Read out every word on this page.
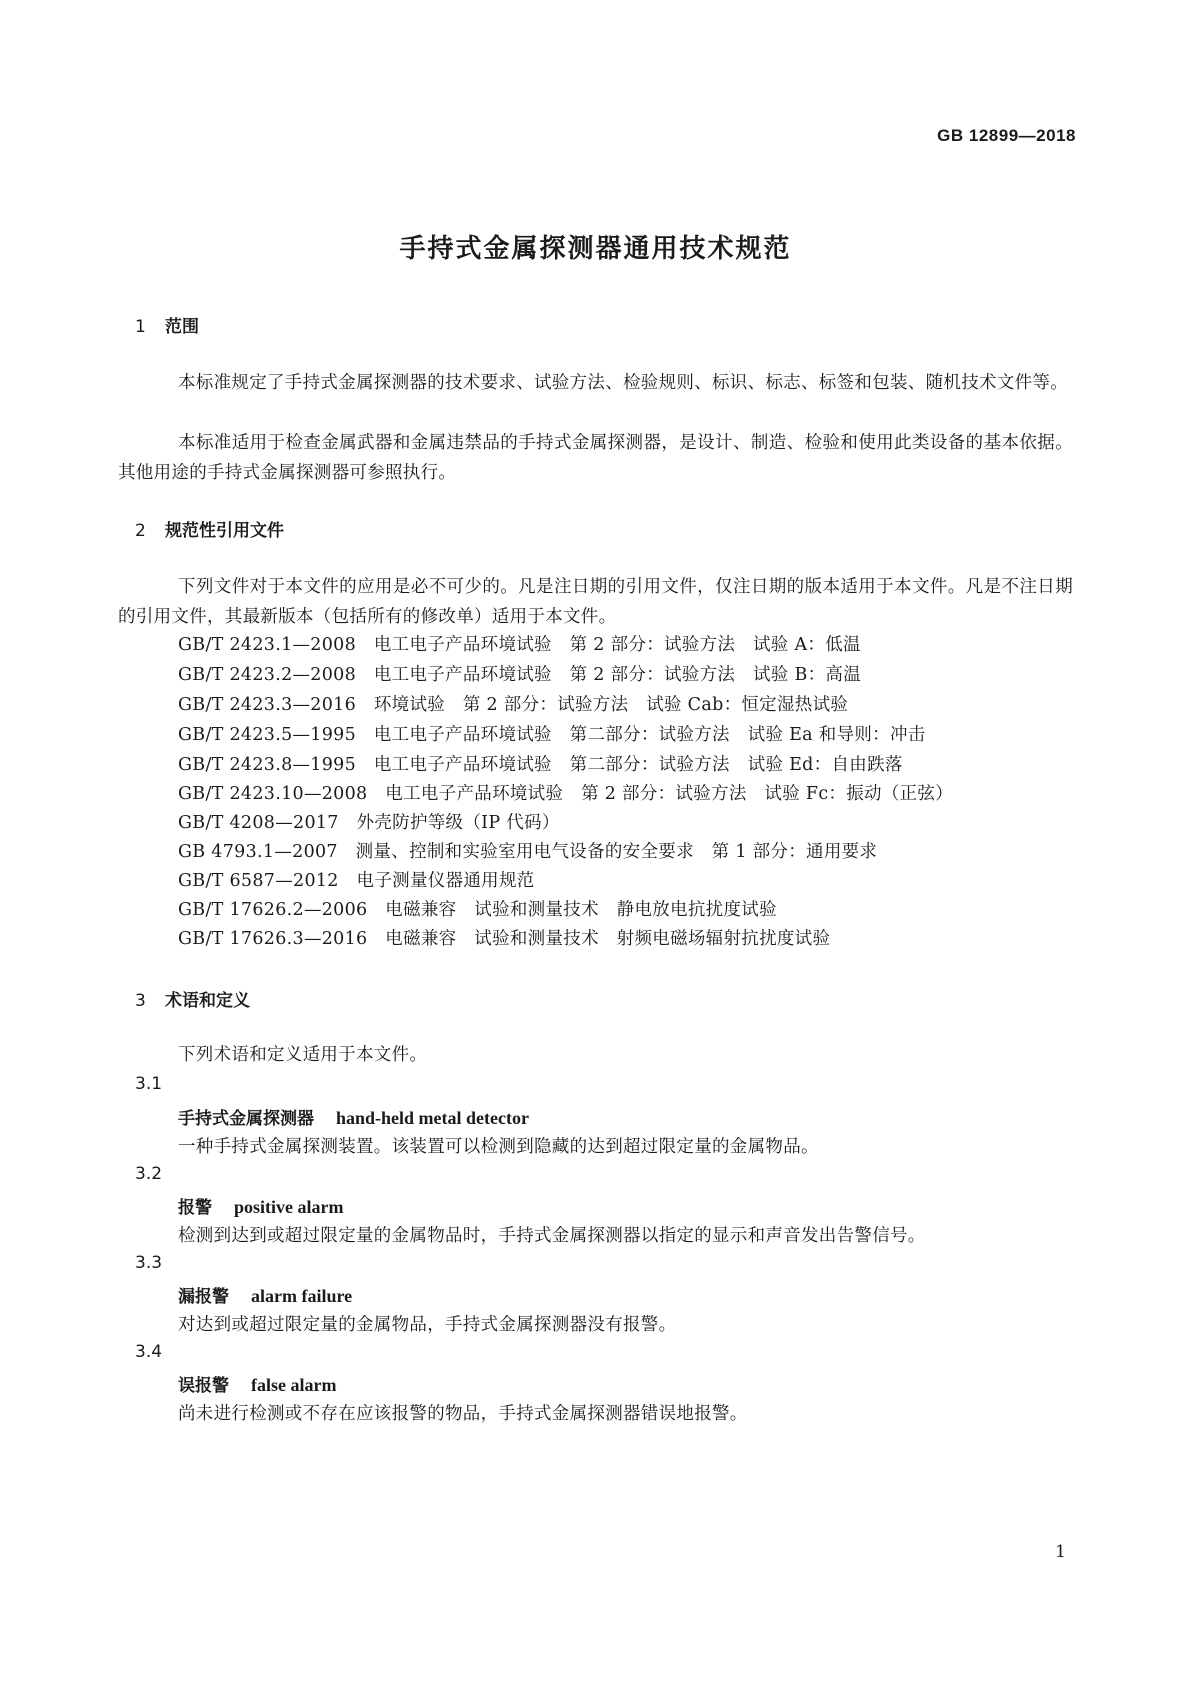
GB 12899—2018
手持式金属探测器通用技术规范
1 范围
本标准规定了手持式金属探测器的技术要求、试验方法、检验规则、标识、标志、标签和包装、随机技术文件等。
本标准适用于检查金属武器和金属违禁品的手持式金属探测器，是设计、制造、检验和使用此类设备的基本依据。其他用途的手持式金属探测器可参照执行。
2 规范性引用文件
下列文件对于本文件的应用是必不可少的。凡是注日期的引用文件，仅注日期的版本适用于本文件。凡是不注日期的引用文件，其最新版本（包括所有的修改单）适用于本文件。
GB/T 2423.1—2008　电工电子产品环境试验　第 2 部分：试验方法　试验 A：低温
GB/T 2423.2—2008　电工电子产品环境试验　第 2 部分：试验方法　试验 B：高温
GB/T 2423.3—2016　环境试验　第 2 部分：试验方法　试验 Cab：恒定湿热试验
GB/T 2423.5—1995　电工电子产品环境试验　第二部分：试验方法　试验 Ea 和导则：冲击
GB/T 2423.8—1995　电工电子产品环境试验　第二部分：试验方法　试验 Ed：自由跌落
GB/T 2423.10—2008　电工电子产品环境试验　第 2 部分：试验方法　试验 Fc：振动（正弦）
GB/T 4208—2017　外壳防护等级（IP 代码）
GB 4793.1—2007　测量、控制和实验室用电气设备的安全要求　第 1 部分：通用要求
GB/T 6587—2012　电子测量仪器通用规范
GB/T 17626.2—2006　电磁兼容　试验和测量技术　静电放电抗扰度试验
GB/T 17626.3—2016　电磁兼容　试验和测量技术　射频电磁场辐射抗扰度试验
3 术语和定义
下列术语和定义适用于本文件。
3.1
手持式金属探测器 hand-held metal detector
一种手持式金属探测装置。该装置可以检测到隐藏的达到超过限定量的金属物品。
3.2
报警 positive alarm
检测到达到或超过限定量的金属物品时，手持式金属探测器以指定的显示和声音发出告警信号。
3.3
漏报警 alarm failure
对达到或超过限定量的金属物品，手持式金属探测器没有报警。
3.4
误报警 false alarm
尚未进行检测或不存在应该报警的物品，手持式金属探测器错误地报警。
1
